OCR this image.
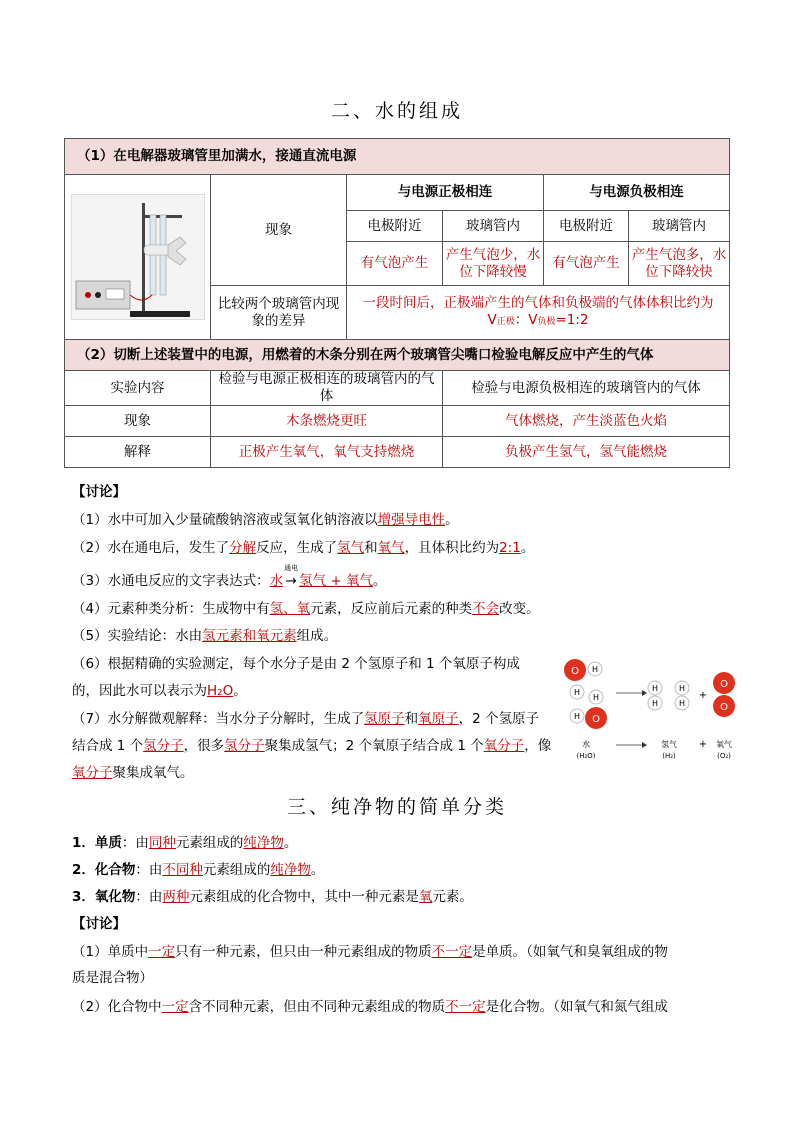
二、水的组成
（1）在电解器玻璃管里加满水，接通直流电源					

	现象	与电源正极相连		与电源负极相连	
		电极附近	玻璃管内	电极附近	玻璃管内
		有气泡产生	产生气泡少，水位下降较慢	有气泡产生	产生气泡多，水位下降较快
	比较两个玻璃管内现象的差异	一段时间后，正极端产生的气体和负极端的气体体积比约为
V正极：V负极=1:2			
（2）切断上述装置中的电源，用燃着的木条分别在两个玻璃管尖嘴口检验电解反应中产生的气体					
实验内容	检验与电源正极相连的玻璃管内的气体		检验与电源负极相连的玻璃管内的气体		
现象	木条燃烧更旺		气体燃烧，产生淡蓝色火焰		
解释	正极产生氧气，氧气支持燃烧		负极产生氢气，氢气能燃烧		
【讨论】
（1）水中可加入少量硫酸钠溶液或氢氧化钠溶液以增强导电性。
（2）水在通电后，发生了分解反应，生成了氢气和氧气，且体积比约为2:1。
（3）水通电反应的文字表达式：水
通电
→ 氢气 + 氧气。
（4）元素种类分析：生成物中有氢、氧元素，反应前后元素的种类不会改变。
（5）实验结论：水由氢元素和氧元素组成。
（6）根据精确的实验测定，每个水分子是由 2 个氢原子和 1 个氧原子构成
的，因此水可以表示为H₂O。
（7）水分解微观解释：当水分子分解时，生成了氢原子和氧原子，2 个氢原子
结合成 1 个氢分子，很多氢分子聚集成氢气；2 个氧原子结合成 1 个氧分子，像
氧分子聚集成氧气。
O H
H
H
H O
H	H
H	H
+
O
O
水
(H₂O)
氢气
(H₂)
+ 氧气
(O₂)
三、纯净物的简单分类
1．单质：由同种元素组成的纯净物。
2．化合物：由不同种元素组成的纯净物。
3．氧化物：由两种元素组成的化合物中，其中一种元素是氧元素。
【讨论】
（1）单质中一定只有一种元素，但只由一种元素组成的物质不一定是单质。（如氧气和臭氧组成的物
质是混合物）
（2）化合物中一定含不同种元素，但由不同种元素组成的物质不一定是化合物。（如氧气和氮气组成
